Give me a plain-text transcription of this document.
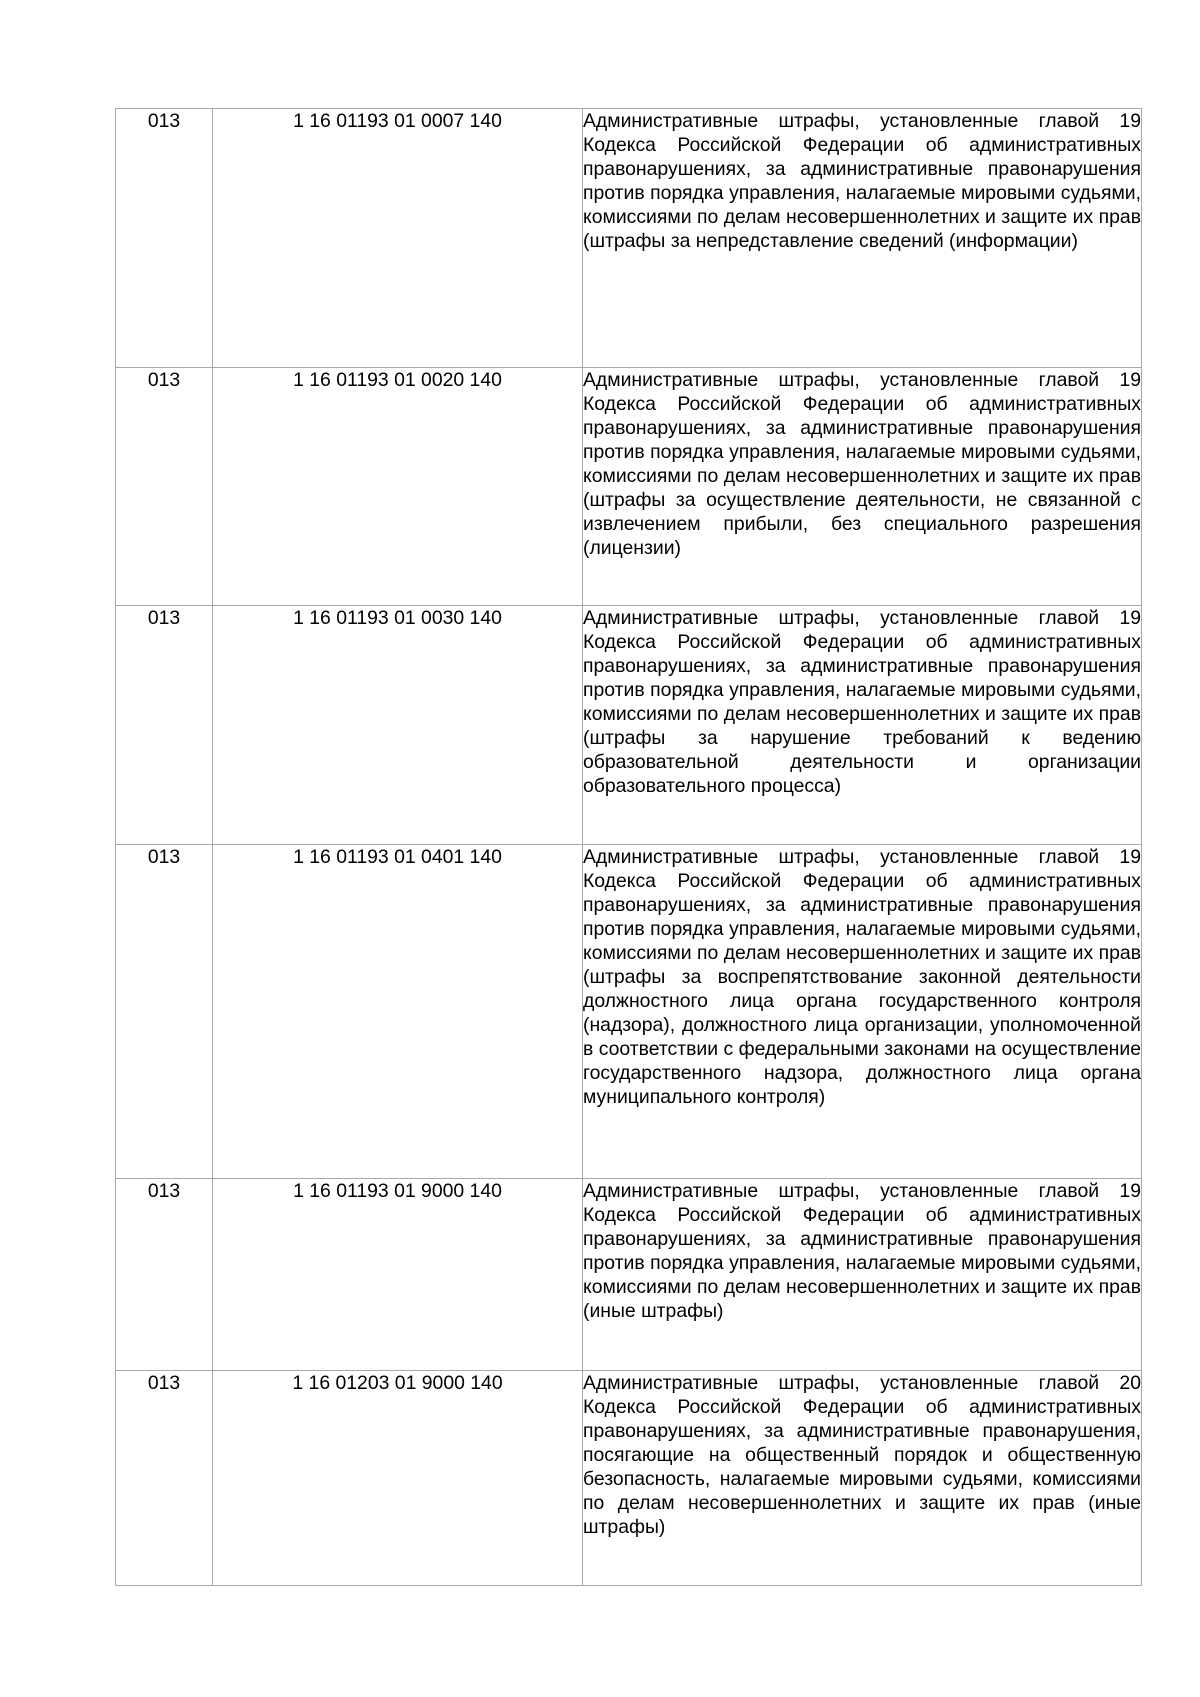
013	1 16 01193 01 0007 140	Административные штрафы, установленные главой 19 Кодекса Российской Федерации об административных правонарушениях, за административные правонарушения против порядка управления, налагаемые мировыми судьями, комиссиями по делам несовершеннолетних и защите их прав (штрафы за непредставление сведений (информации)
013	1 16 01193 01 0020 140	Административные штрафы, установленные главой 19 Кодекса Российской Федерации об административных правонарушениях, за административные правонарушения против порядка управления, налагаемые мировыми судьями, комиссиями по делам несовершеннолетних и защите их прав (штрафы за осуществление деятельности, не связанной с извлечением прибыли, без специального разрешения (лицензии)
013	1 16 01193 01 0030 140	Административные штрафы, установленные главой 19 Кодекса Российской Федерации об административных правонарушениях, за административные правонарушения против порядка управления, налагаемые мировыми судьями, комиссиями по делам несовершеннолетних и защите их прав (штрафы за нарушение требований к ведению образовательной деятельности и организации образовательного процесса)
013	1 16 01193 01 0401 140	Административные штрафы, установленные главой 19 Кодекса Российской Федерации об административных правонарушениях, за административные правонарушения против порядка управления, налагаемые мировыми судьями, комиссиями по делам несовершеннолетних и защите их прав (штрафы за воспрепятствование законной деятельности должностного лица органа государственного контроля (надзора), должностного лица организации, уполномоченной в соответствии с федеральными законами на осуществление государственного надзора, должностного лица органа муниципального контроля)
013	1 16 01193 01 9000 140	Административные штрафы, установленные главой 19 Кодекса Российской Федерации об административных правонарушениях, за административные правонарушения против порядка управления, налагаемые мировыми судьями, комиссиями по делам несовершеннолетних и защите их прав (иные штрафы)
013	1 16 01203 01 9000 140	Административные штрафы, установленные главой 20 Кодекса Российской Федерации об административных правонарушениях, за административные правонарушения, посягающие на общественный порядок и общественную безопасность, налагаемые мировыми судьями, комиссиями по делам несовершеннолетних и защите их прав (иные штрафы)
